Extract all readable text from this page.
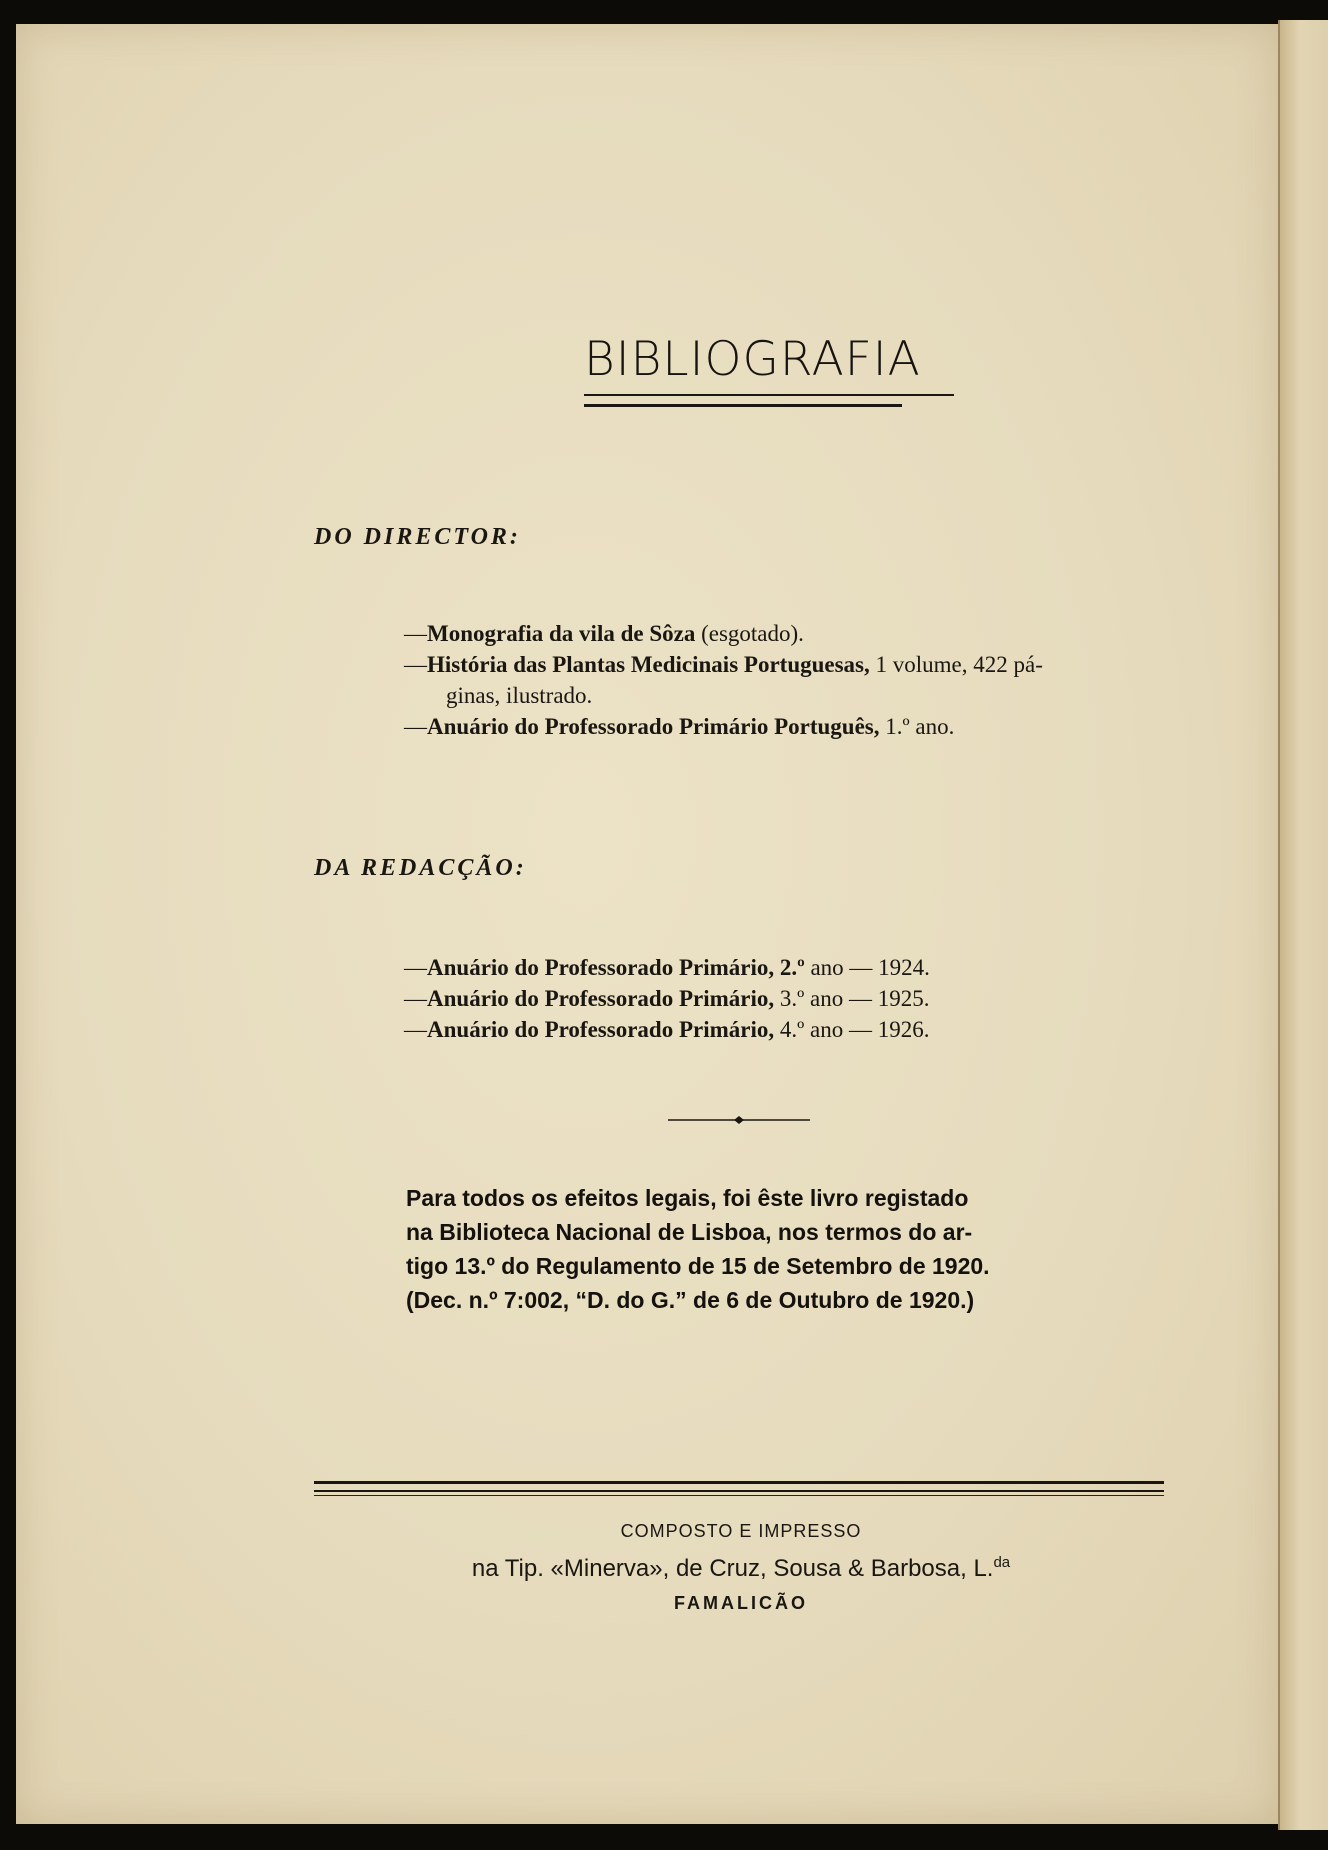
BIBLIOGRAFIA
DO DIRECTOR:
—Monografia da vila de Sôza (esgotado).
—História das Plantas Medicinais Portuguesas, 1 volume, 422 pá-
ginas, ilustrado.
—Anuário do Professorado Primário Português, 1.º ano.
DA REDACÇÃO:
—Anuário do Professorado Primário, 2.º ano — 1924.
—Anuário do Professorado Primário, 3.º ano — 1925.
—Anuário do Professorado Primário, 4.º ano — 1926.
Para todos os efeitos legais, foi êste livro registado
na Biblioteca Nacional de Lisboa, nos termos do ar-
tigo 13.º do Regulamento de 15 de Setembro de 1920.
(Dec. n.º 7:002, “D. do G.” de 6 de Outubro de 1920.)
COMPOSTO E IMPRESSO
na Tip. «Minerva», de Cruz, Sousa & Barbosa, L.$^{da}$
FAMALICÃO
